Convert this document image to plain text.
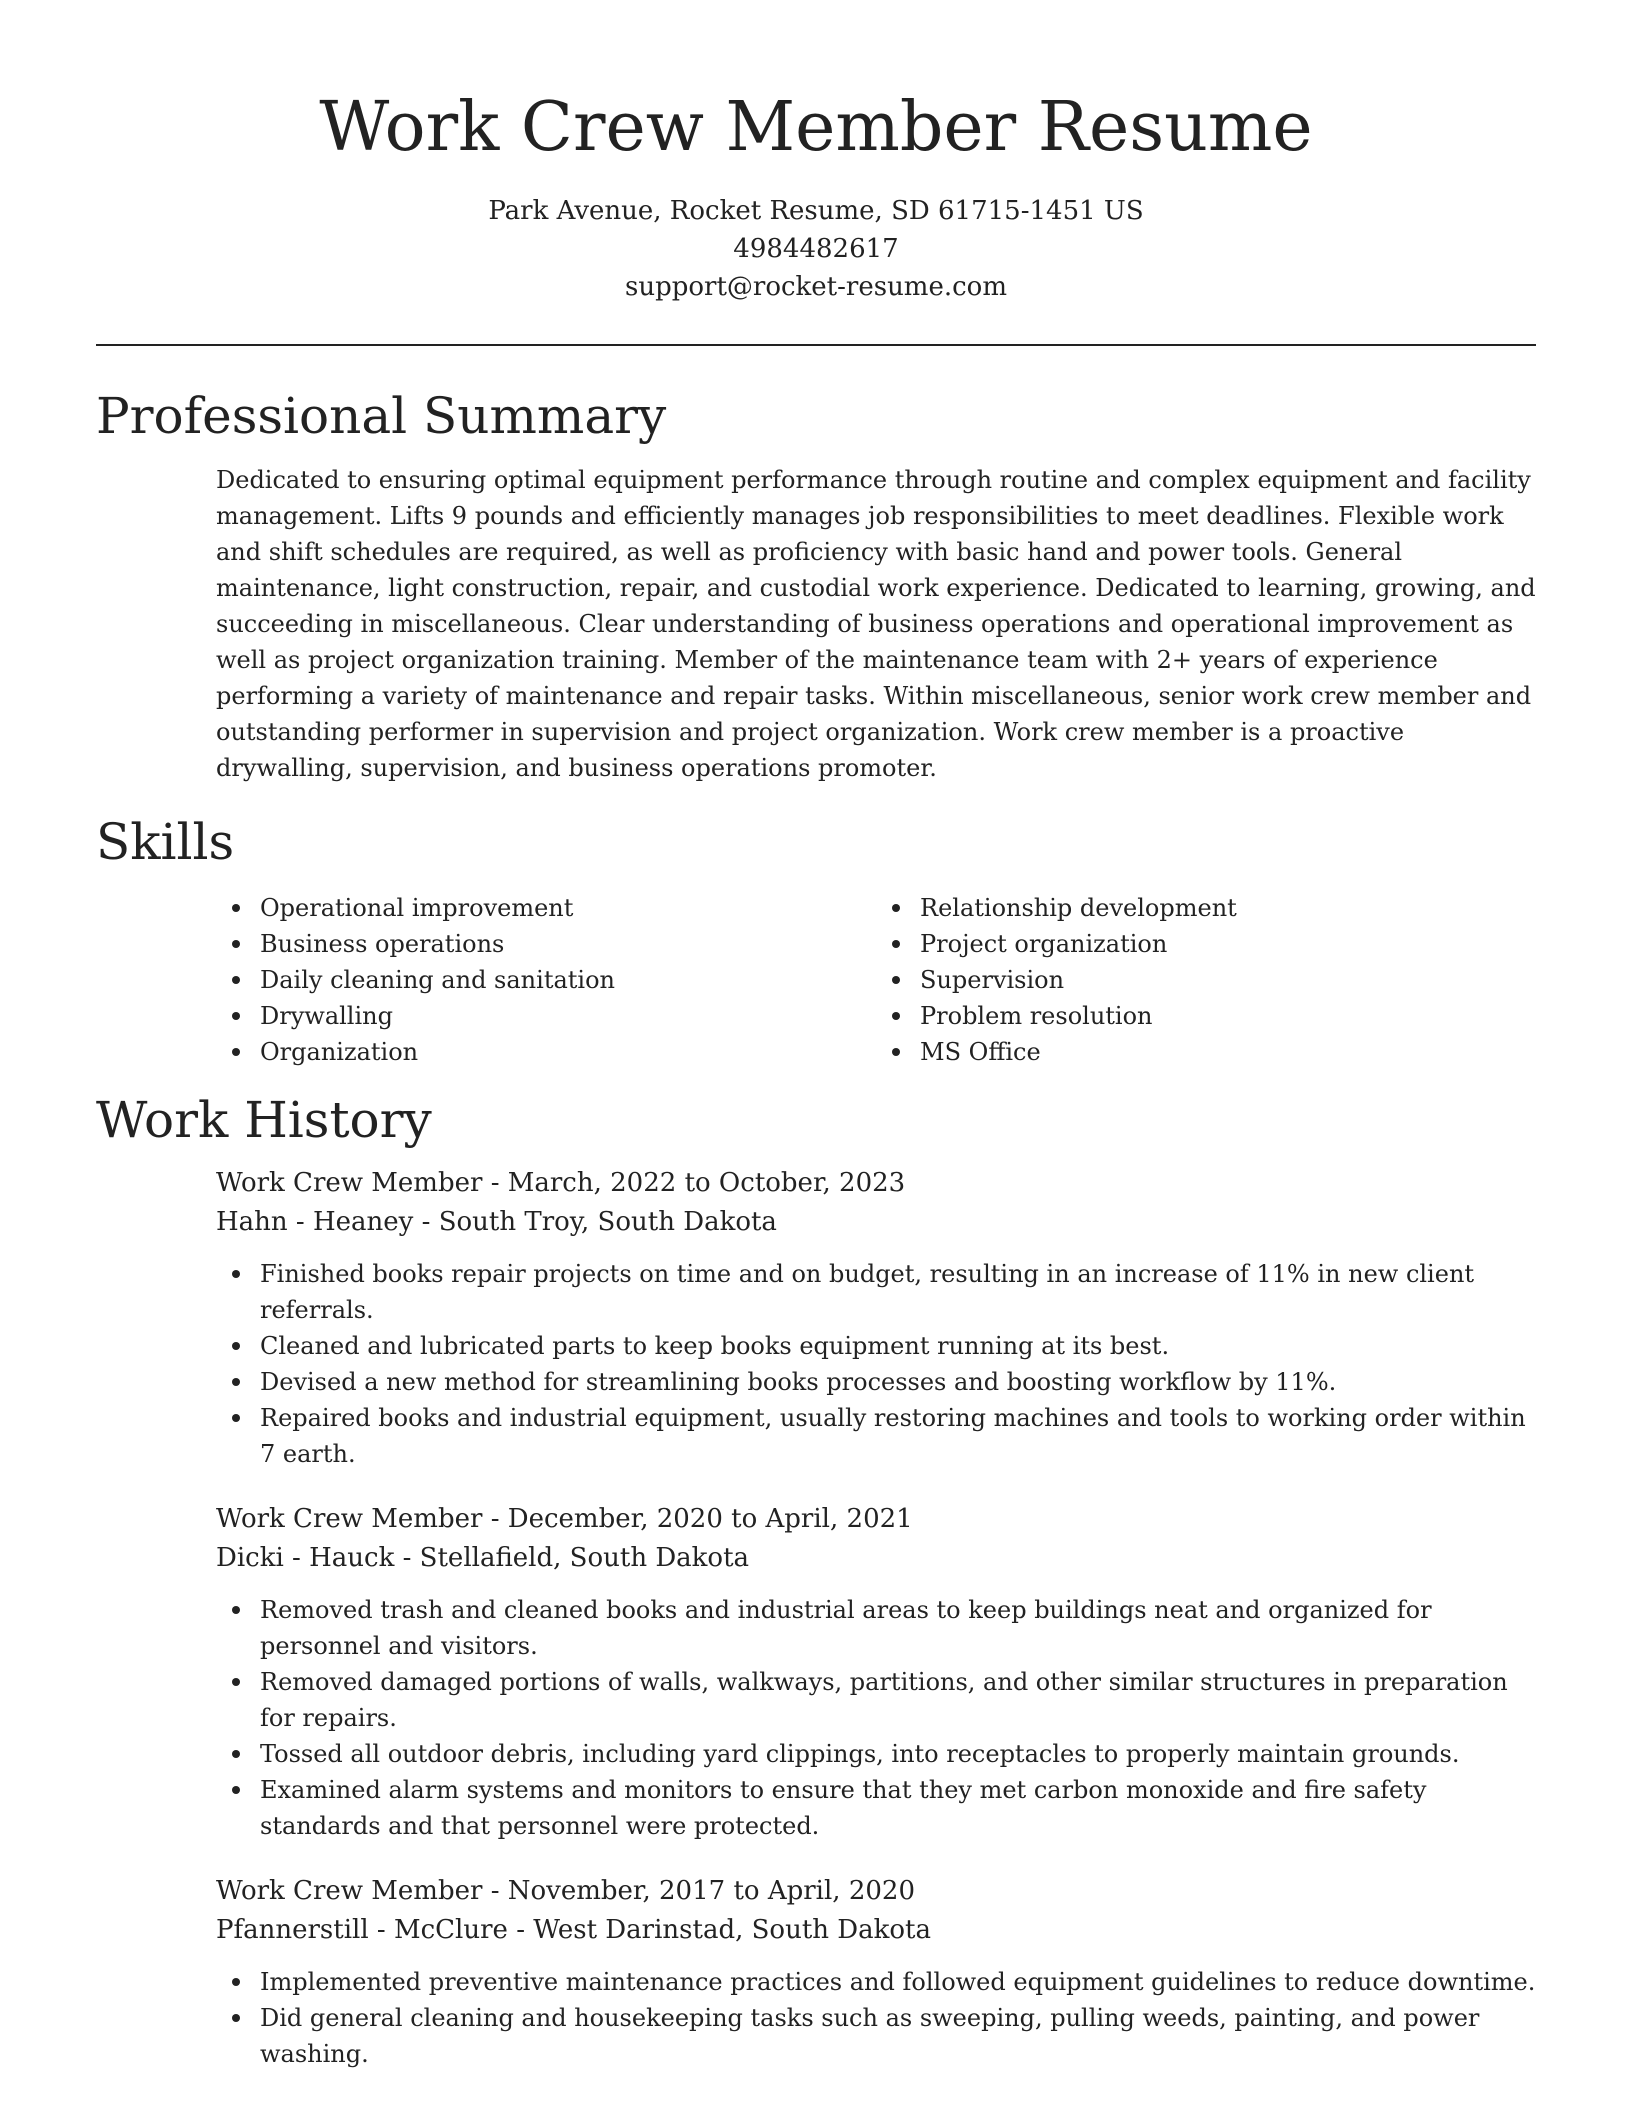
Work Crew Member Resume
Park Avenue, Rocket Resume, SD 61715-1451 US
4984482617
support@rocket-resume.com
Professional Summary

Dedicated to ensuring optimal equipment performance through routine and complex equipment and facility management. Lifts 9 pounds and efficiently manages job responsibilities to meet deadlines. Flexible work and shift schedules are required, as well as proficiency with basic hand and power tools. General maintenance, light construction, repair, and custodial work experience. Dedicated to learning, growing, and succeeding in miscellaneous. Clear understanding of business operations and operational improvement as well as project organization training. Member of the maintenance team with 2+ years of experience performing a variety of maintenance and repair tasks. Within miscellaneous, senior work crew member and outstanding performer in supervision and project organization. Work crew member is a proactive drywalling, supervision, and business operations promoter.

Skills
Operational improvement
Business operations
Daily cleaning and sanitation
Drywalling
Organization
Relationship development
Project organization
Supervision
Problem resolution
MS Office
Work History
Work Crew Member - March, 2022 to October, 2023
Hahn - Heaney - South Troy, South Dakota
Finished books repair projects on time and on budget, resulting in an increase of 11% in new client referrals.
Cleaned and lubricated parts to keep books equipment running at its best.
Devised a new method for streamlining books processes and boosting workflow by 11%.
Repaired books and industrial equipment, usually restoring machines and tools to working order within 7 earth.
Work Crew Member - December, 2020 to April, 2021
Dicki - Hauck - Stellafield, South Dakota
Removed trash and cleaned books and industrial areas to keep buildings neat and organized for personnel and visitors.
Removed damaged portions of walls, walkways, partitions, and other similar structures in preparation for repairs.
Tossed all outdoor debris, including yard clippings, into receptacles to properly maintain grounds.
Examined alarm systems and monitors to ensure that they met carbon monoxide and fire safety standards and that personnel were protected.
Work Crew Member - November, 2017 to April, 2020
Pfannerstill - McClure - West Darinstad, South Dakota
Implemented preventive maintenance practices and followed equipment guidelines to reduce downtime.
Did general cleaning and housekeeping tasks such as sweeping, pulling weeds, painting, and power washing.
